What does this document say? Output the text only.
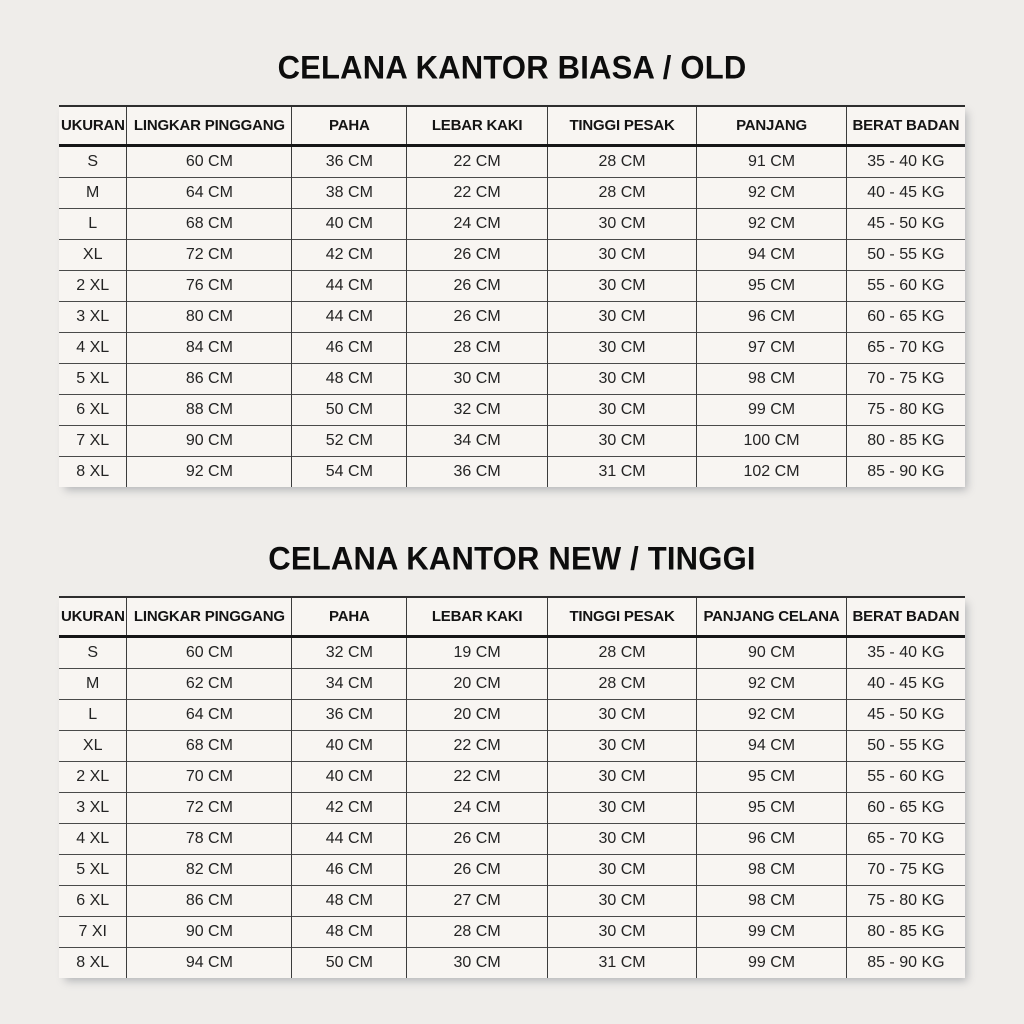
CELANA KANTOR BIASA / OLD
UKURAN	LINGKAR PINGGANG	PAHA	LEBAR KAKI	TINGGI PESAK	PANJANG	BERAT BADAN
S	60 CM	36 CM	22 CM	28 CM	91 CM	35 - 40 KG
M	64 CM	38 CM	22 CM	28 CM	92 CM	40 - 45 KG
L	68 CM	40 CM	24 CM	30 CM	92 CM	45 - 50 KG
XL	72 CM	42 CM	26 CM	30 CM	94 CM	50 - 55 KG
2 XL	76 CM	44 CM	26 CM	30 CM	95 CM	55 - 60 KG
3 XL	80 CM	44 CM	26 CM	30 CM	96 CM	60 - 65 KG
4 XL	84 CM	46 CM	28 CM	30 CM	97 CM	65 - 70 KG
5 XL	86 CM	48 CM	30 CM	30 CM	98 CM	70 - 75 KG
6 XL	88 CM	50 CM	32 CM	30 CM	99 CM	75 - 80 KG
7 XL	90 CM	52 CM	34 CM	30 CM	100 CM	80 - 85 KG
8 XL	92 CM	54 CM	36 CM	31 CM	102 CM	85 - 90 KG
CELANA KANTOR NEW / TINGGI
UKURAN	LINGKAR PINGGANG	PAHA	LEBAR KAKI	TINGGI PESAK	PANJANG CELANA	BERAT BADAN
S	60 CM	32 CM	19 CM	28 CM	90 CM	35 - 40 KG
M	62 CM	34 CM	20 CM	28 CM	92 CM	40 - 45 KG
L	64 CM	36 CM	20 CM	30 CM	92 CM	45 - 50 KG
XL	68 CM	40 CM	22 CM	30 CM	94 CM	50 - 55 KG
2 XL	70 CM	40 CM	22 CM	30 CM	95 CM	55 - 60 KG
3 XL	72 CM	42 CM	24 CM	30 CM	95 CM	60 - 65 KG
4 XL	78 CM	44 CM	26 CM	30 CM	96 CM	65 - 70 KG
5 XL	82 CM	46 CM	26 CM	30 CM	98 CM	70 - 75 KG
6 XL	86 CM	48 CM	27 CM	30 CM	98 CM	75 - 80 KG
7 XI	90 CM	48 CM	28 CM	30 CM	99 CM	80 - 85 KG
8 XL	94 CM	50 CM	30 CM	31 CM	99 CM	85 - 90 KG
